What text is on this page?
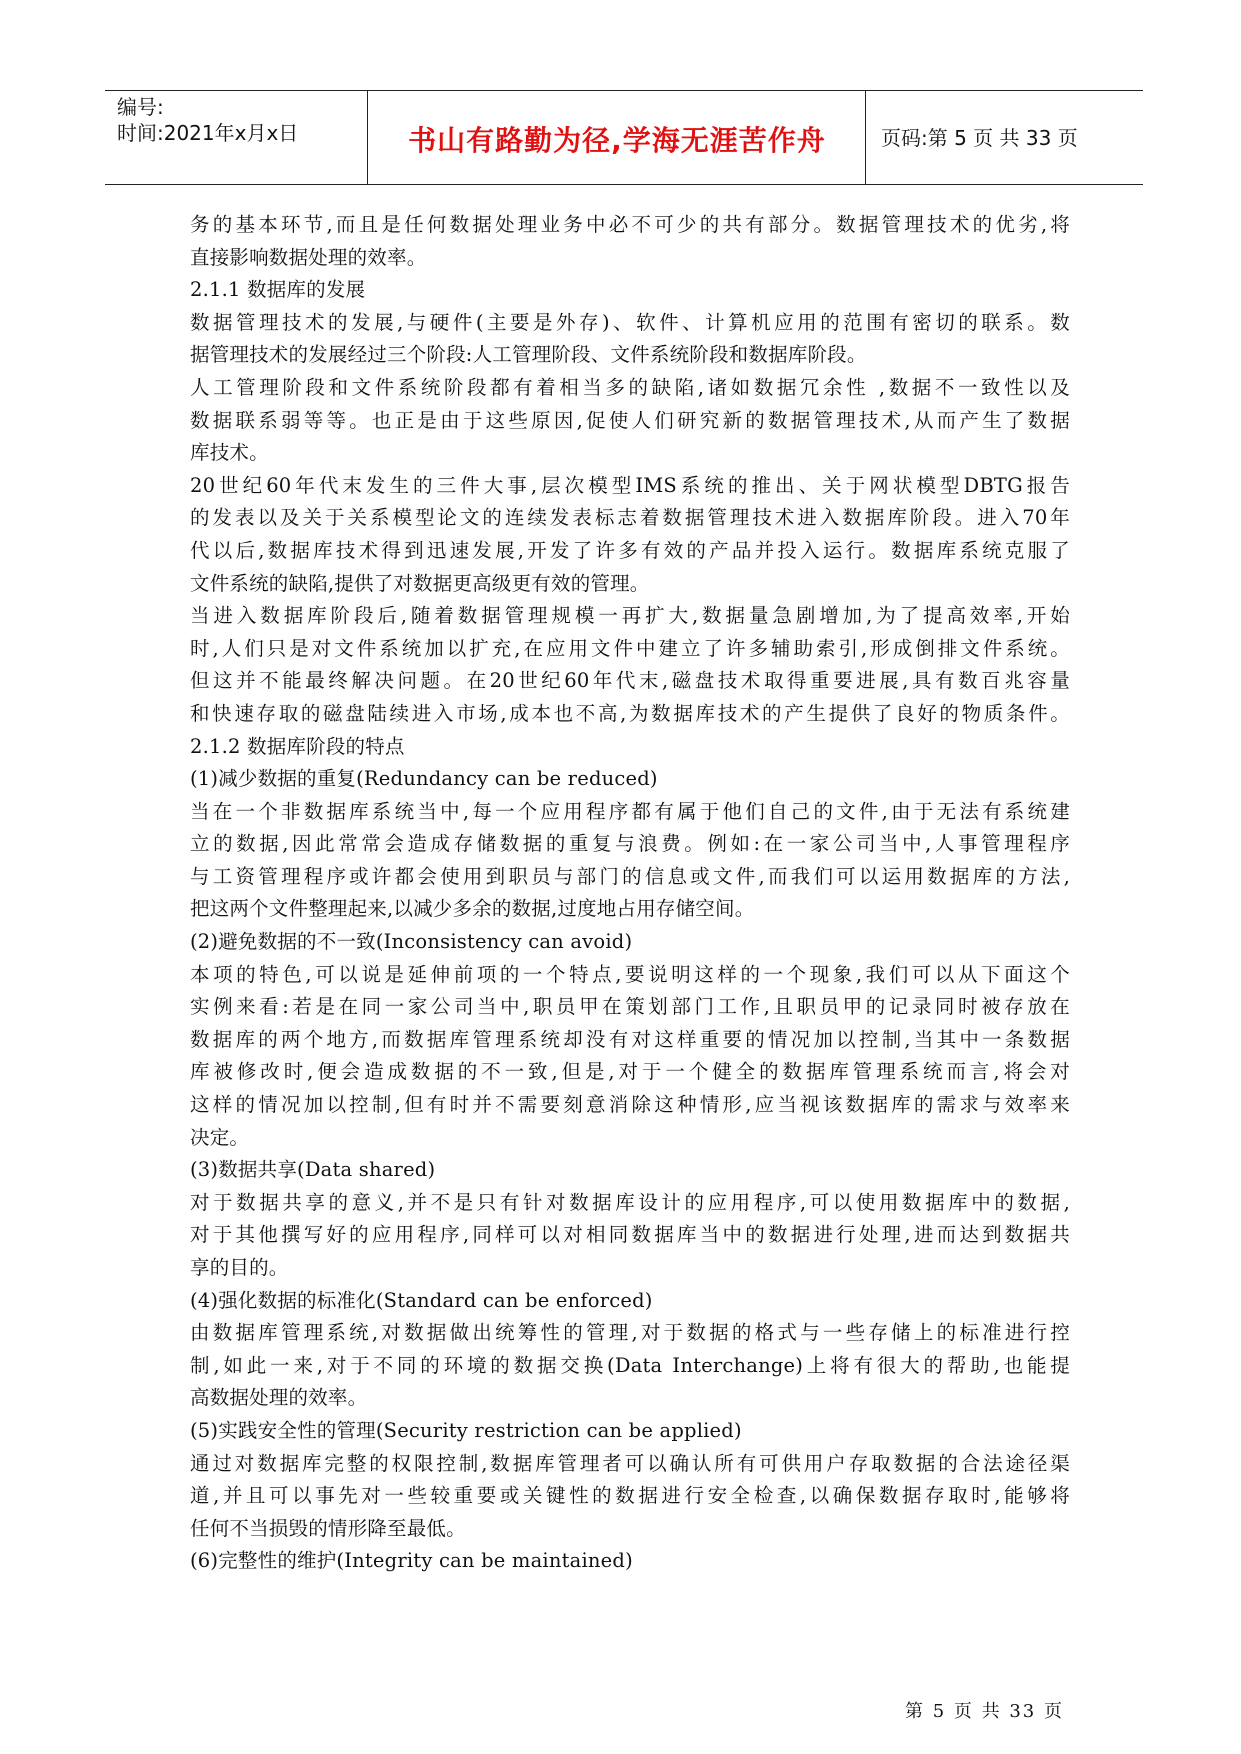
编号:
时间:2021年x月x日	书山有路勤为径,学海无涯苦作舟	页码:第 5 页 共 33 页
务的基本环节,而且是任何数据处理业务中必不可少的共有部分。数据管理技术的优劣,将
直接影响数据处理的效率。
2.1.1 数据库的发展
数据管理技术的发展,与硬件(主要是外存)、软件、计算机应用的范围有密切的联系。数
据管理技术的发展经过三个阶段:人工管理阶段、文件系统阶段和数据库阶段。
人工管理阶段和文件系统阶段都有着相当多的缺陷,诸如数据冗余性 ,数据不一致性以及
数据联系弱等等。也正是由于这些原因,促使人们研究新的数据管理技术,从而产生了数据
库技术。
20世纪60年代末发生的三件大事,层次模型IMS系统的推出、关于网状模型DBTG报告
的发表以及关于关系模型论文的连续发表标志着数据管理技术进入数据库阶段。进入70年
代以后,数据库技术得到迅速发展,开发了许多有效的产品并投入运行。数据库系统克服了
文件系统的缺陷,提供了对数据更高级更有效的管理。
当进入数据库阶段后,随着数据管理规模一再扩大,数据量急剧增加,为了提高效率,开始
时,人们只是对文件系统加以扩充,在应用文件中建立了许多辅助索引,形成倒排文件系统。
但这并不能最终解决问题。在20世纪60年代末,磁盘技术取得重要进展,具有数百兆容量
和快速存取的磁盘陆续进入市场,成本也不高,为数据库技术的产生提供了良好的物质条件。
2.1.2 数据库阶段的特点
(1)减少数据的重复(Redundancy can be reduced)
当在一个非数据库系统当中,每一个应用程序都有属于他们自己的文件,由于无法有系统建
立的数据,因此常常会造成存储数据的重复与浪费。例如:在一家公司当中,人事管理程序
与工资管理程序或许都会使用到职员与部门的信息或文件,而我们可以运用数据库的方法,
把这两个文件整理起来,以减少多余的数据,过度地占用存储空间。
(2)避免数据的不一致(Inconsistency can avoid)
本项的特色,可以说是延伸前项的一个特点,要说明这样的一个现象,我们可以从下面这个
实例来看:若是在同一家公司当中,职员甲在策划部门工作,且职员甲的记录同时被存放在
数据库的两个地方,而数据库管理系统却没有对这样重要的情况加以控制,当其中一条数据
库被修改时,便会造成数据的不一致,但是,对于一个健全的数据库管理系统而言,将会对
这样的情况加以控制,但有时并不需要刻意消除这种情形,应当视该数据库的需求与效率来
决定。
(3)数据共享(Data shared)
对于数据共享的意义,并不是只有针对数据库设计的应用程序,可以使用数据库中的数据,
对于其他撰写好的应用程序,同样可以对相同数据库当中的数据进行处理,进而达到数据共
享的目的。
(4)强化数据的标准化(Standard can be enforced)
由数据库管理系统,对数据做出统筹性的管理,对于数据的格式与一些存储上的标准进行控
制,如此一来,对于不同的环境的数据交换(Data Interchange)上将有很大的帮助,也能提
高数据处理的效率。
(5)实践安全性的管理(Security restriction can be applied)
通过对数据库完整的权限控制,数据库管理者可以确认所有可供用户存取数据的合法途径渠
道,并且可以事先对一些较重要或关键性的数据进行安全检查,以确保数据存取时,能够将
任何不当损毁的情形降至最低。
(6)完整性的维护(Integrity can be maintained)
第 5 页 共 33 页
